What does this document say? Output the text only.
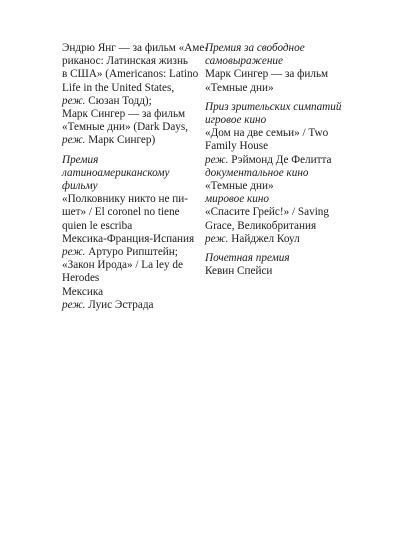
Эндрю Янг — за фильм «Аме-
риканос: Латинская жизнь
в США» (Americanos: Latino
Life in the United States,
реж. Сюзан Тодд);
Марк Сингер — за фильм
«Темные дни» (Dark Days,
реж. Марк Сингер)
Премия
латиноамериканскому
фильму
«Полковнику никто не пи-
шет» / El coronel no tiene
quien le escriba
Мексика-Франция-Испания
реж. Артуро Рипштейн;
«Закон Ирода» / La ley de
Herodes
Мексика
реж. Луис Эстрада
Премия за свободное
самовыражение
Марк Сингер — за фильм
«Темные дни»
Приз зрительских симпатий
игровое кино
«Дом на две семьи» / Two
Family House
реж. Рэймонд Де Фелитта
документальное кино
«Темные дни»
мировое кино
«Спасите Грейс!» / Saving
Grace, Великобритания
реж. Найджел Коул
Почетная премия
Кевин Спейси
